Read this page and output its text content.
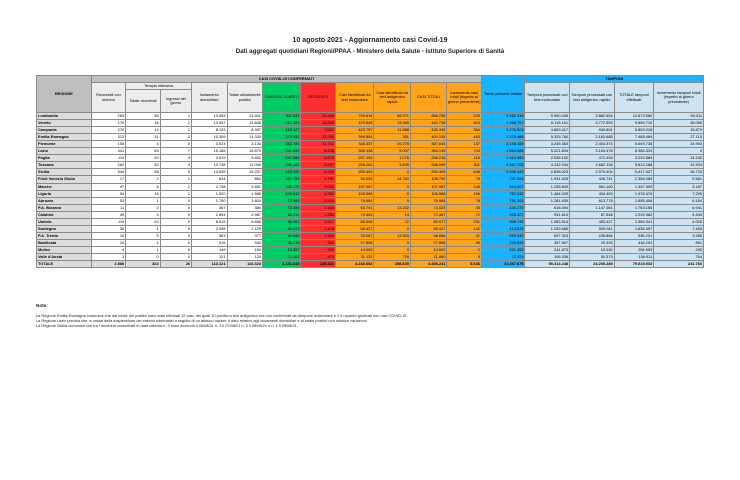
10 agosto 2021 - Aggiornamento casi Covid-19
Dati aggregati quotidiani Regioni/PPAA - Ministero della Salute - Istituto Superiore di Sanità
REGIONE	CASI COVID-19 CONFERMATI											Totale persone testate	TAMPONI			
	Ricoverati con sintomi	Terapia intensiva		Isolamento domiciliare	Totale attualmente positivi	DIMESSI/ GUARITI	DECEDUTI	Casi identificati da test molecolare	Casi identificati da test antigenico rapido	CASI TOTALI	Incremento casi totali (rispetto al giorno precedente)		Tamponi processati con test molecolare	Tamponi processati con test antigenico rapido	TOTALE tamponi effettuati	Incremento tamponi totali (rispetto al giorno precedente)
		Totale ricoverati	Ingressi del giorno													
Lombardia	263	35	1	13.083	13.401	811.541	33.843	799.816	58.971	858.785	525	4.382.416	9.990.026	2.882.554	12.872.580	39.411
Veneto	170	18	2	13.457	13.645	417.423	11.650	429.649	13.069	442.718	604	1.968.757	6.118.151	3.772.559	9.890.710	48.065
Campania	270	14	1	8.133	8.397	415.127	7.621	423.757	11.588	435.345	364	3.176.923	4.859.417	949.801	5.809.218	15.879
Emilia-Romagna	313	31	2	10.309	11.333	375.532	13.290	399.804	351	400.155	463	1.979.466	5.325.784	2.162.685	7.488.469	27.115
Piemonte	105	4	0	3.024	3.133	352.781	11.701	348.337	19.278	367.615	147	2.146.168	3.245.363	2.404.374	5.649.738	14.993
Lazio	441	63	7	15.166	15.670	340.849	8.426	355.138	9.007	364.145	704	4.564.568	5.221.834	3.164.476	8.386.310	0
Puglia	113	20	4	3.519	3.652	247.889	6.675	257.140	1.076	258.216	116	1.314.989	2.538.152	472.404	3.010.569	14.240
Toscana	262	30	3	10.748	11.040	240.122	6.937	256.200	3.899	258.099	511	2.567.705	4.132.034	1.682.134	5.614.168	12.903
Sicilia	544	58	5	14.635	15.237	229.152	6.200	250.409	0	250.409	848	2.049.443	2.838.023	2.579.404	5.417.427	16.733
Friuli Venezia Giulia	17	2	1	834	864	104.135	3.791	94.030	14.760	108.790	75	737.524	1.931.528	426.741	2.358.069	5.561
Marche	47	6	2	2.798	2.851	105.175	3.041	107.067	0	107.067	148	814.907	1.236.849	561.160	1.397.309	3.187
Liguria	54	14	1	1.520	1.588	100.612	4.362	106.568	0	106.568	106	757.942	1.484.025	494.453	1.978.476	7.295
Abruzzo	53	1	0	1.750	1.804	72.845	2.519	76.984	0	76.984	78	751.201	1.281.630	613.776	1.895.406	6.154
P.A. Bolzano	11	2	0	367	380	72.459	1.184	60.791	13.232	74.023	45	440.270	616.094	1.147.061	1.763.155	6.941
Calabria	49	4	0	2.894	2.987	68.211	1.269	72.453	14	72.467	72	928.327	931.814	87.548	1.019.362	4.445
Umbria	119	22	0	6.515	6.656	56.904	1.517	65.005	72	65.077	251	906.743	1.083.514	483.427	1.566.941	4.005
Sardegna	30	1	0	2.098	2.129	55.873	1.425	59.427	0	59.427	142	413.879	1.039.586	595.911	1.635.497	7.455
P.A. Trento	14	5	0	563	377	44.946	1.363	33.087	13.553	46.686	41	259.340	697.315	238.886	936.201	3.285
Basilicata	24	1	0	915	940	26.276	592	27.808	0	27.808	49	220.649	397.897	20.305	418.202	891
Molise	4	1	0	149	154	13.357	492	14.003	0	14.003	2	221.453	241.873	13.030	254.903	295
Valle d'Aosta	3	0	0	121	124	11.262	474	11.131	729	11.860	8	72.829	106.338	50.573	156.911	764
TOTALE	2.880	322	26	113.121	116.323	4.181.645	128.421	4.246.602	158.639	4.406.241	5.636	31.467.679	55.314.248	24.205.285	79.519.533	241.766
Note:
La Regione Emilia-Romagna comunica che dal totale dei positivi sono stati eliminati 12 casi, dei quali 10 positivi a test antigenico ma non confermati da tampone molecolare e 2 in quanto giudicati non casi COVID-19.
La Regione Lazio precisa che, a causa della sospensione dei sistemi informatici a seguito di un attacco hacker, il dato relativo agli isolamenti domiciliari e al totale positivi non subisce variazioni.
La Regione Sicilia comunica che tra i deceduti comunicati in data odierna n. 3 sono avvenuti il 06/08/21 n. 3 il 07/08/21 n. 2 il 08/08/21 e n. 1 il 09/08/21.
